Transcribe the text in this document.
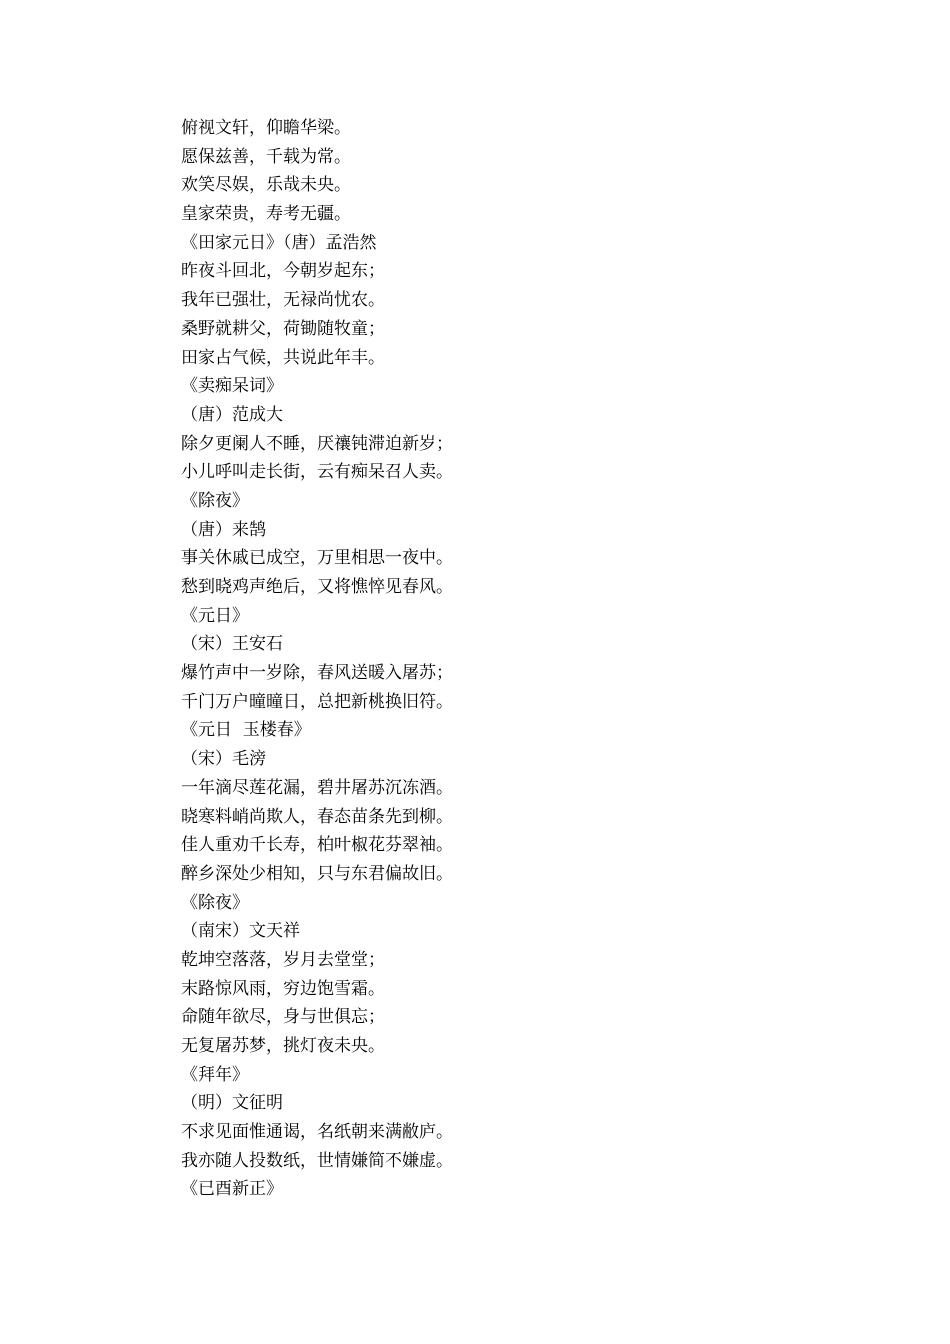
俯视文轩，仰瞻华梁。
愿保兹善，千载为常。
欢笑尽娱，乐哉未央。
皇家荣贵，寿考无疆。
《田家元日》（唐）孟浩然
昨夜斗回北，今朝岁起东；
我年已强壮，无禄尚忧农。
桑野就耕父，荷锄随牧童；
田家占气候，共说此年丰。
《卖痴呆词》
（唐）范成大
除夕更阑人不睡，厌禳钝滞迫新岁；
小儿呼叫走长街，云有痴呆召人卖。
《除夜》
（唐）来鹄
事关休戚已成空，万里相思一夜中。
愁到晓鸡声绝后，又将憔悴见春风。
《元日》
（宋）王安石
爆竹声中一岁除，春风送暖入屠苏；
千门万户曈曈日，总把新桃换旧符。
《元日  玉楼春》
（宋）毛滂
一年滴尽莲花漏，碧井屠苏沉冻酒。
晓寒料峭尚欺人，春态苗条先到柳。
佳人重劝千长寿，柏叶椒花芬翠袖。
醉乡深处少相知，只与东君偏故旧。
《除夜》
（南宋）文天祥
乾坤空落落，岁月去堂堂；
末路惊风雨，穷边饱雪霜。
命随年欲尽，身与世俱忘；
无复屠苏梦，挑灯夜未央。
《拜年》
（明）文征明
不求见面惟通谒，名纸朝来满敝庐。
我亦随人投数纸，世情嫌简不嫌虚。
《已酉新正》
